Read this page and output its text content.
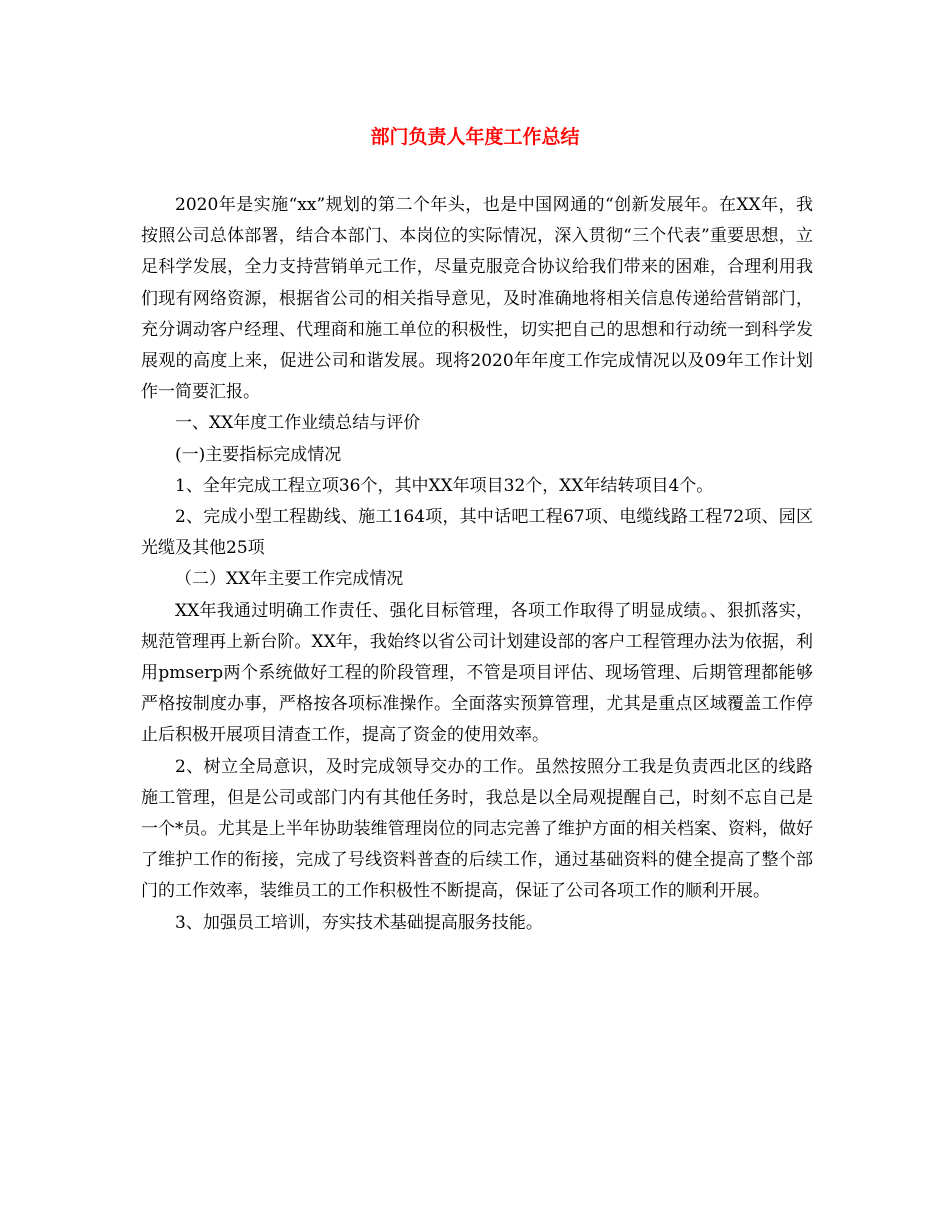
部门负责人年度工作总结

2020年是实施“xx”规划的第二个年头，也是中国网通的“创新发展年。在XX年，我按照公司总体部署，结合本部门、本岗位的实际情况，深入贯彻“三个代表”重要思想，立足科学发展，全力支持营销单元工作，尽量克服竞合协议给我们带来的困难，合理利用我们现有网络资源，根据省公司的相关指导意见，及时准确地将相关信息传递给营销部门，充分调动客户经理、代理商和施工单位的积极性，切实把自己的思想和行动统一到科学发展观的高度上来，促进公司和谐发展。现将2020年年度工作完成情况以及09年工作计划作一简要汇报。

一、XX年度工作业绩总结与评价

(一)主要指标完成情况

1、全年完成工程立项36个，其中XX年项目32个，XX年结转项目4个。

2、完成小型工程勘线、施工164项，其中话吧工程67项、电缆线路工程72项、园区光缆及其他25项

（二）XX年主要工作完成情况

XX年我通过明确工作责任、强化目标管理，各项工作取得了明显成绩。、狠抓落实，规范管理再上新台阶。XX年，我始终以省公司计划建设部的客户工程管理办法为依据，利用pmserp两个系统做好工程的阶段管理，不管是项目评估、现场管理、后期管理都能够严格按制度办事，严格按各项标准操作。全面落实预算管理，尤其是重点区域覆盖工作停止后积极开展项目清查工作，提高了资金的使用效率。

2、树立全局意识，及时完成领导交办的工作。虽然按照分工我是负责西北区的线路施工管理，但是公司或部门内有其他任务时，我总是以全局观提醒自己，时刻不忘自己是一个*员。尤其是上半年协助装维管理岗位的同志完善了维护方面的相关档案、资料，做好了维护工作的衔接，完成了号线资料普查的后续工作，通过基础资料的健全提高了整个部门的工作效率，装维员工的工作积极性不断提高，保证了公司各项工作的顺利开展。

3、加强员工培训，夯实技术基础提高服务技能。
